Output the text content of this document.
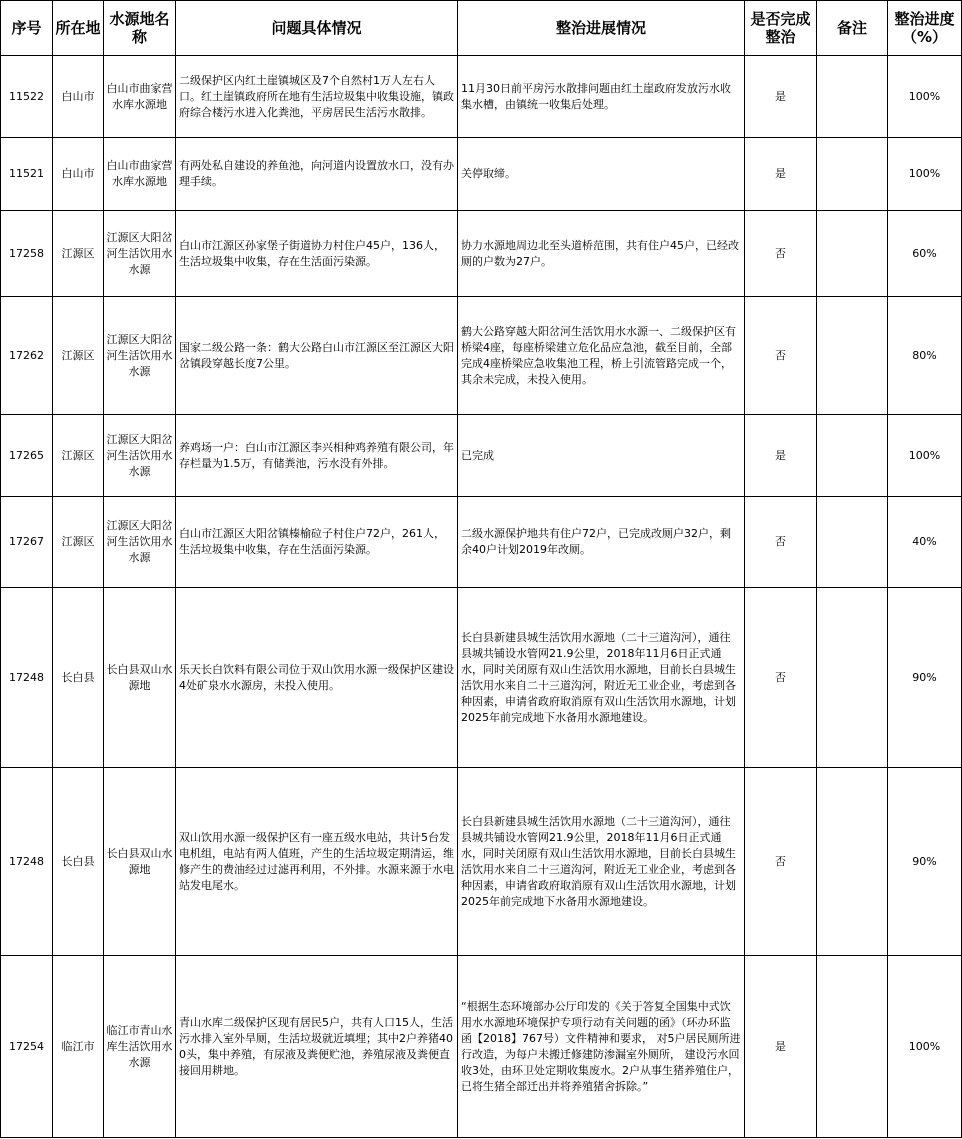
序号	所在地	水源地名称	问题具体情况	整治进展情况	是否完成整治	备注	整治进度（%）
11522	白山市	白山市曲家营水库水源地	二级保护区内红土崖镇城区及7个自然村1万人左右人口。红土崖镇政府所在地有生活垃圾集中收集设施，镇政府综合楼污水进入化粪池，平房居民生活污水散排。	11月30日前平房污水散排问题由红土崖政府发放污水收集水槽，由镇统一收集后处理。	是		100%
11521	白山市	白山市曲家营水库水源地	有两处私自建设的养鱼池，向河道内设置放水口，没有办理手续。	关停取缔。	是		100%
17258	江源区	江源区大阳岔河生活饮用水水源	白山市江源区孙家堡子街道协力村住户45户，136人，生活垃圾集中收集，存在生活面污染源。	协力水源地周边北至头道桥范围，共有住户45户，已经改厕的户数为27户。	否		60%
17262	江源区	江源区大阳岔河生活饮用水水源	国家二级公路一条：鹤大公路白山市江源区至江源区大阳岔镇段穿越长度7公里。	鹤大公路穿越大阳岔河生活饮用水水源一、二级保护区有桥梁4座，每座桥梁建立危化品应急池，截至目前，全部完成4座桥梁应急收集池工程，桥上引流管路完成一个，其余未完成，未投入使用。	否		80%
17265	江源区	江源区大阳岔河生活饮用水水源	养鸡场一户：白山市江源区李兴相种鸡养殖有限公司，年存栏量为1.5万，有储粪池，污水没有外排。	已完成	是		100%
17267	江源区	江源区大阳岔河生活饮用水水源	白山市江源区大阳岔镇榛榆砬子村住户72户，261人，生活垃圾集中收集，存在生活面污染源。	二级水源保护地共有住户72户，已完成改厕户32户，剩余40户计划2019年改厕。	否		40%
17248	长白县	长白县双山水源地	乐天长白饮料有限公司位于双山饮用水源一级保护区建设4处矿泉水水源房，未投入使用。	长白县新建县城生活饮用水源地（二十三道沟河），通往县城共铺设水管网21.9公里，2018年11月6日正式通水，同时关闭原有双山生活饮用水源地，目前长白县城生活饮用水来自二十三道沟河，附近无工业企业，考虑到各种因素，申请省政府取消原有双山生活饮用水源地，计划2025年前完成地下水备用水源地建设。	否		90%
17248	长白县	长白县双山水源地	双山饮用水源一级保护区有一座五级水电站，共计5台发电机组，电站有两人值班，产生的生活垃圾定期清运，维修产生的费油经过过滤再利用，不外排。水源来源于水电站发电尾水。	长白县新建县城生活饮用水源地（二十三道沟河），通往县城共铺设水管网21.9公里，2018年11月6日正式通水，同时关闭原有双山生活饮用水源地，目前长白县城生活饮用水来自二十三道沟河，附近无工业企业，考虑到各种因素，申请省政府取消原有双山生活饮用水源地，计划2025年前完成地下水备用水源地建设。	否		90%
17254	临江市	临江市青山水库生活饮用水水源	青山水库二级保护区现有居民5户，共有人口15人，生活污水排入室外旱厕，生活垃圾就近填埋；其中2户养猪400头，集中养殖，有尿液及粪便贮池，养殖尿液及粪便直接回用耕地。	“根据生态环境部办公厅印发的《关于答复全国集中式饮用水水源地环境保护专项行动有关问题的函》（环办环监函【2018】767号）文件精神和要求， 对5户居民厕所进行改造，为每户未搬迁修建防渗漏室外厕所， 建设污水回收3处，由环卫处定期收集废水。2户从事生猪养殖住户，已将生猪全部迁出并将养殖猪舍拆除。”	是		100%
